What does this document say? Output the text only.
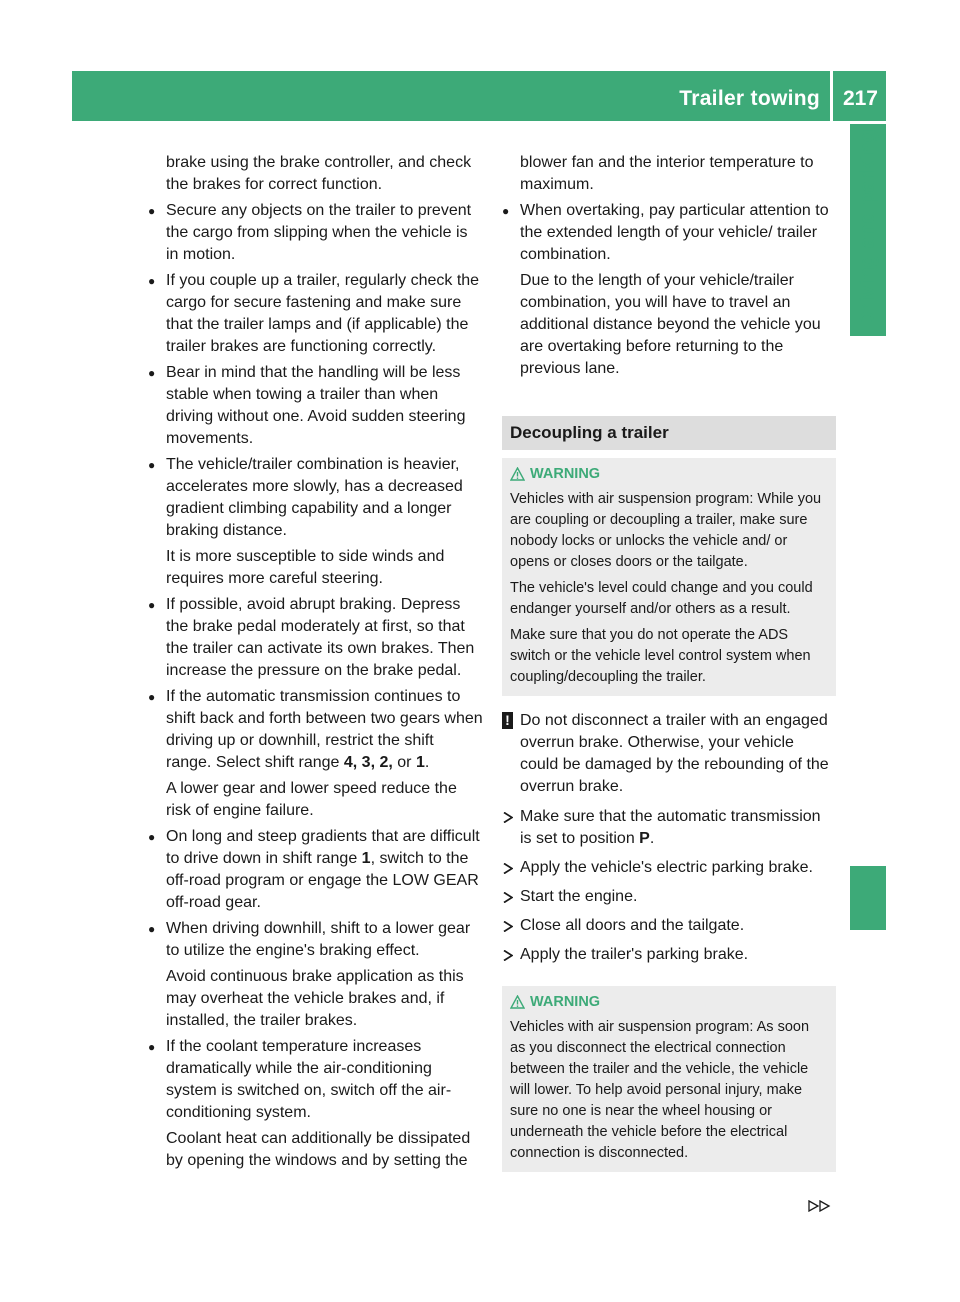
Trailer towing 217
Driving and parking

brake using the brake controller, and check
the brakes for correct function.

● Secure any objects on the trailer to prevent the cargo from slipping when the vehicle is in motion.

● If you couple up a trailer, regularly check the cargo for secure fastening and make sure that the trailer lamps and (if applicable) the trailer brakes are functioning correctly.

● Bear in mind that the handling will be less stable when towing a trailer than when driving without one. Avoid sudden steering movements.

● The vehicle/trailer combination is heavier, accelerates more slowly, has a decreased gradient climbing capability and a longer braking distance.

It is more susceptible to side winds and requires more careful steering.

● If possible, avoid abrupt braking. Depress the brake pedal moderately at first, so that the trailer can activate its own brakes. Then increase the pressure on the brake pedal.

● If the automatic transmission continues to shift back and forth between two gears when driving up or downhill, restrict the shift range. Select shift range 4, 3, 2, or 1.

A lower gear and lower speed reduce the risk of engine failure.

● On long and steep gradients that are difficult to drive down in shift range 1, switch to the off-road program or engage the LOW GEAR off-road gear.

● When driving downhill, shift to a lower gear to utilize the engine's braking effect.

Avoid continuous brake application as this may overheat the vehicle brakes and, if installed, the trailer brakes.

● If the coolant temperature increases dramatically while the air-conditioning system is switched on, switch off the air-conditioning system.

Coolant heat can additionally be dissipated by opening the windows and by setting the

blower fan and the interior temperature to maximum.

● When overtaking, pay particular attention to the extended length of your vehicle/ trailer combination.

Due to the length of your vehicle/trailer combination, you will have to travel an additional distance beyond the vehicle you are overtaking before returning to the previous lane.

Decoupling a trailer
WARNING

Vehicles with air suspension program: While you are coupling or decoupling a trailer, make sure nobody locks or unlocks the vehicle and/ or opens or closes doors or the tailgate.

The vehicle's level could change and you could endanger yourself and/or others as a result.

Make sure that you do not operate the ADS switch or the vehicle level control system when coupling/decoupling the trailer.

! Do not disconnect a trailer with an engaged overrun brake. Otherwise, your vehicle could be damaged by the rebounding of the overrun brake.
Make sure that the automatic transmission is set to position P.
Apply the vehicle's electric parking brake.
Start the engine.
Close all doors and the tailgate.
Apply the trailer's parking brake.
WARNING

Vehicles with air suspension program: As soon as you disconnect the electrical connection between the trailer and the vehicle, the vehicle will lower. To help avoid personal injury, make sure no one is near the wheel housing or underneath the vehicle before the electrical connection is disconnected.
